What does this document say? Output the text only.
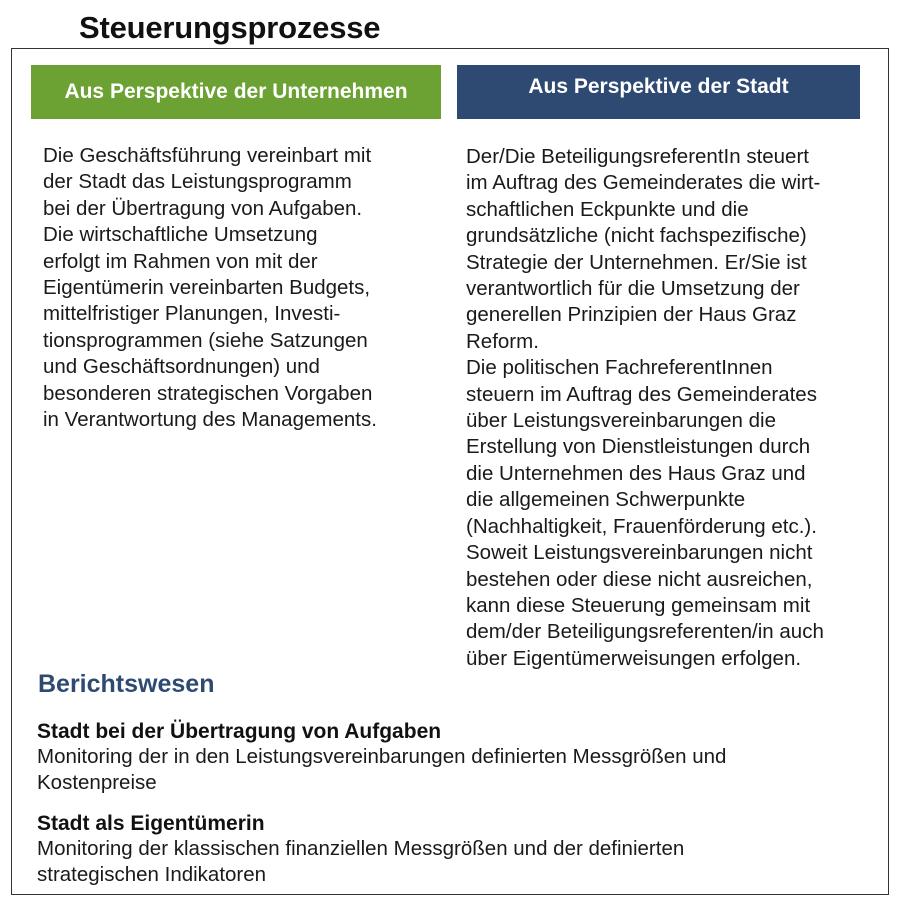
Steuerungsprozesse
Aus Perspektive der Unternehmen	Aus Perspektive der Stadt
Die Geschäftsführung vereinbart mit
der Stadt das Leistungsprogramm
bei der Übertragung von Aufgaben.
Die wirtschaftliche Umsetzung
erfolgt im Rahmen von mit der
Eigentümerin vereinbarten Budgets,
mittelfristiger Planungen, Investi-
tionsprogrammen (siehe Satzungen
und Geschäftsordnungen) und
besonderen strategischen Vorgaben
in Verantwortung des Managements.
Der/Die BeteiligungsreferentIn steuert
im Auftrag des Gemeinderates die wirt-
schaftlichen Eckpunkte und die
grundsätzliche (nicht fachspezifische)
Strategie der Unternehmen. Er/Sie ist
verantwortlich für die Umsetzung der
generellen Prinzipien der Haus Graz
Reform.
Die politischen FachreferentInnen
steuern im Auftrag des Gemeinderates
über Leistungsvereinbarungen die
Erstellung von Dienstleistungen durch
die Unternehmen des Haus Graz und
die allgemeinen Schwerpunkte
(Nachhaltigkeit, Frauenförderung etc.).
Soweit Leistungsvereinbarungen nicht
bestehen oder diese nicht ausreichen,
kann diese Steuerung gemeinsam mit
dem/der Beteiligungsreferenten/in auch
über Eigentümerweisungen erfolgen.
Berichtswesen
Stadt bei der Übertragung von Aufgaben
Monitoring der in den Leistungsvereinbarungen definierten Messgrößen und
Kostenpreise
Stadt als Eigentümerin
Monitoring der klassischen finanziellen Messgrößen und der definierten
strategischen Indikatoren
